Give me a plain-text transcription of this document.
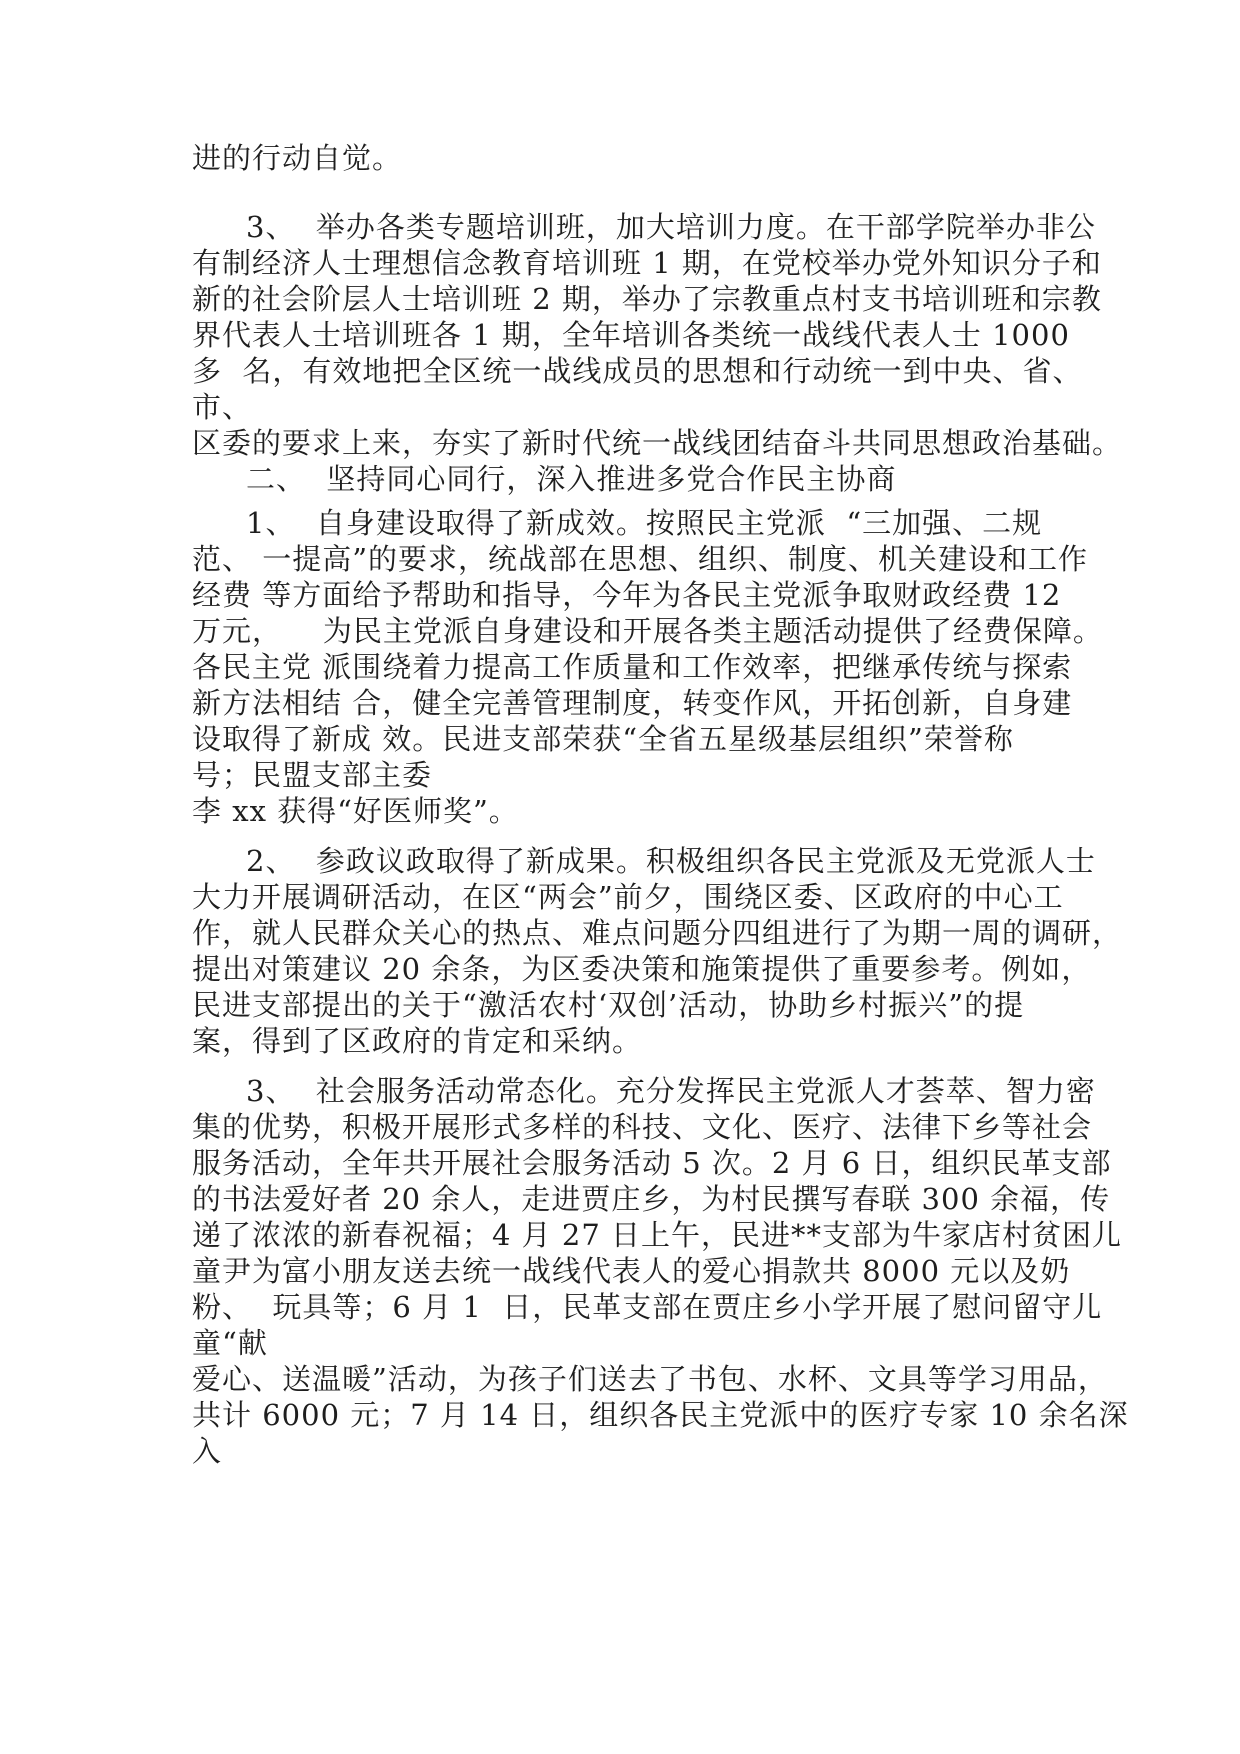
进的行动自觉。
3、  举办各类专题培训班，加大培训力度。在干部学院举办非公
有制经济人士理想信念教育培训班 1 期，在党校举办党外知识分子和
新的社会阶层人士培训班 2 期，举办了宗教重点村支书培训班和宗教
界代表人士培训班各 1 期，全年培训各类统一战线代表人士 1000
多  名，有效地把全区统一战线成员的思想和行动统一到中央、省、
市、
区委的要求上来，夯实了新时代统一战线团结奋斗共同思想政治基础。
二、  坚持同心同行，深入推进多党合作民主协商
1、  自身建设取得了新成效。按照民主党派  “三加强、二规
范、 一提高”的要求，统战部在思想、组织、制度、机关建设和工作
经费 等方面给予帮助和指导，今年为各民主党派争取财政经费 12
万元，    为民主党派自身建设和开展各类主题活动提供了经费保障。
各民主党 派围绕着力提高工作质量和工作效率，把继承传统与探索
新方法相结 合，健全完善管理制度，转变作风，开拓创新，自身建
设取得了新成 效。民进支部荣获“全省五星级基层组织”荣誉称
号；民盟支部主委
李 xx 获得“好医师奖”。
2、  参政议政取得了新成果。积极组织各民主党派及无党派人士
大力开展调研活动，在区“两会”前夕，围绕区委、区政府的中心工
作，就人民群众关心的热点、难点问题分四组进行了为期一周的调研，
提出对策建议 20 余条，为区委决策和施策提供了重要参考。例如，
民进支部提出的关于“激活农村‘双创’活动，协助乡村振兴”的提
案，得到了区政府的肯定和采纳。
3、  社会服务活动常态化。充分发挥民主党派人才荟萃、智力密
集的优势，积极开展形式多样的科技、文化、医疗、法律下乡等社会
服务活动，全年共开展社会服务活动 5 次。2 月 6 日，组织民革支部
的书法爱好者 20 余人，走进贾庄乡，为村民撰写春联 300 余福，传
递了浓浓的新春祝福；4 月 27 日上午，民进**支部为牛家店村贫困儿
童尹为富小朋友送去统一战线代表人的爱心捐款共 8000 元以及奶
粉、  玩具等；6 月 1  日，民革支部在贾庄乡小学开展了慰问留守儿
童“献
爱心、送温暖”活动，为孩子们送去了书包、水杯、文具等学习用品，
共计 6000 元；7 月 14 日，组织各民主党派中的医疗专家 10 余名深
入
